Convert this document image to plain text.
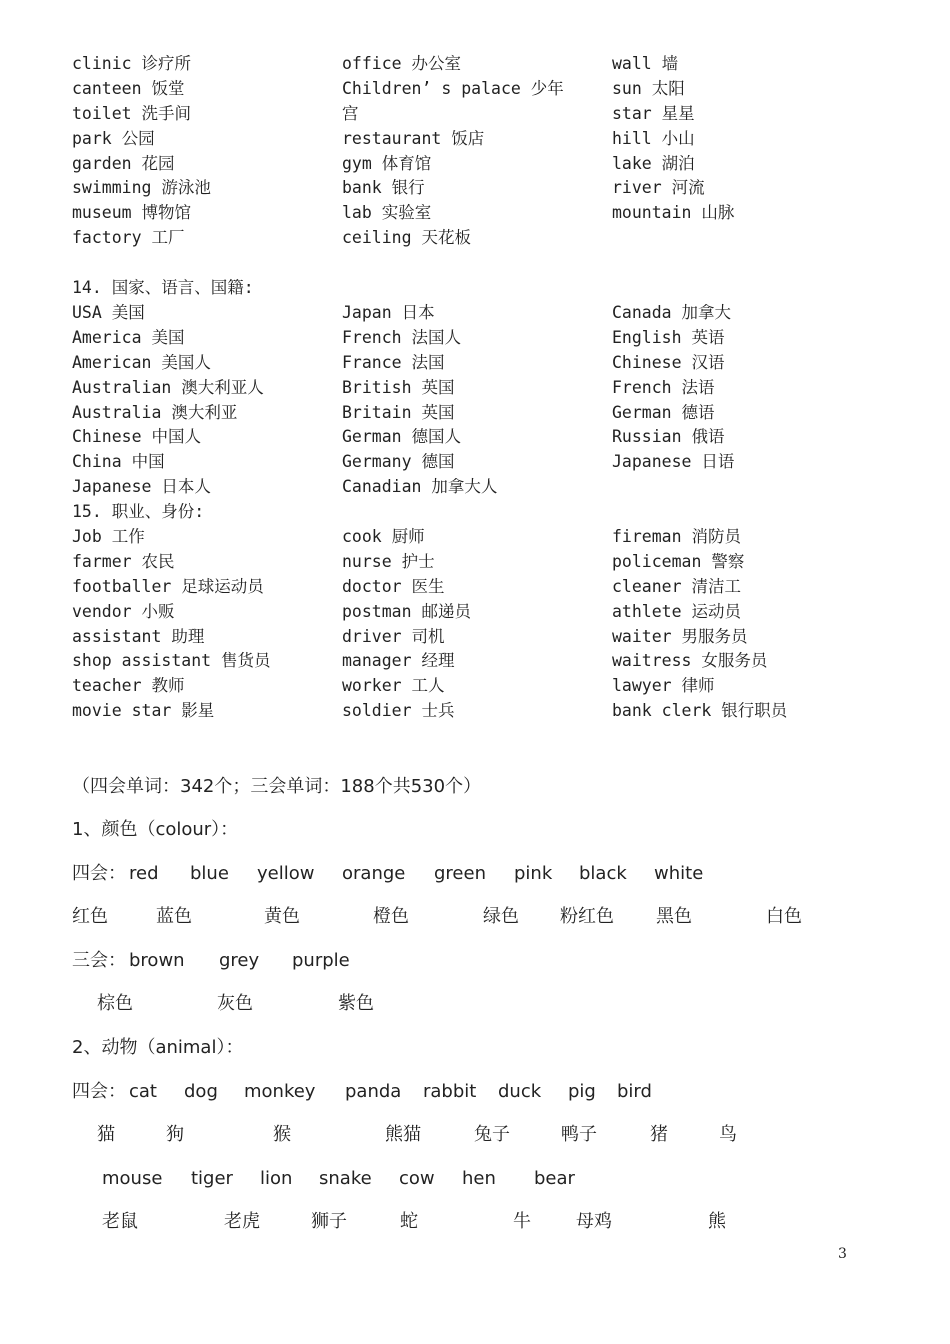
clinic 诊疗所	office 办公室	wall 墙
canteen 饭堂	Children’ s palace 少年	sun 太阳
toilet 洗手间	宫	star 星星
park 公园	restaurant 饭店	hill 小山
garden 花园	gym 体育馆	lake 湖泊
swimming 游泳池	bank 银行	river 河流
museum 博物馆	lab 实验室	mountain 山脉
factory 工厂	ceiling 天花板
14. 国家、语言、国籍:
USA 美国	Japan 日本	Canada 加拿大
America 美国	French 法国人	English 英语
American 美国人	France 法国	Chinese 汉语
Australian 澳大利亚人	British 英国	French 法语
Australia 澳大利亚	Britain 英国	German 德语
Chinese 中国人	German 德国人	Russian 俄语
China 中国	Germany 德国	Japanese 日语
Japanese 日本人	Canadian 加拿大人
15. 职业、身份:
Job 工作	cook 厨师	fireman 消防员
farmer 农民	nurse 护士	policeman 警察
footballer 足球运动员	doctor 医生	cleaner 清洁工
vendor 小贩	postman 邮递员	athlete 运动员
assistant 助理	driver 司机	waiter 男服务员
shop assistant 售货员	manager 经理	waitress 女服务员
teacher 教师	worker 工人	lawyer 律师
movie star 影星	soldier 士兵	bank clerk 银行职员
（四会单词：342个；三会单词：188个共530个）
1、颜色（colour）：
四会： red blue yellow orange green pink black white
红色	蓝色	黄色	橙色	绿色 粉红色 黑色	白色
三会： brown grey purple
棕色	灰色	紫色
2、动物（animal）：
四会： cat dog monkey panda rabbit duck pig bird
猫	狗	猴	熊猫	兔子	鸭子	猪	鸟
mouse tiger lion snake cow hen bear
老鼠	老虎	狮子	蛇	牛	母鸡	熊
3
